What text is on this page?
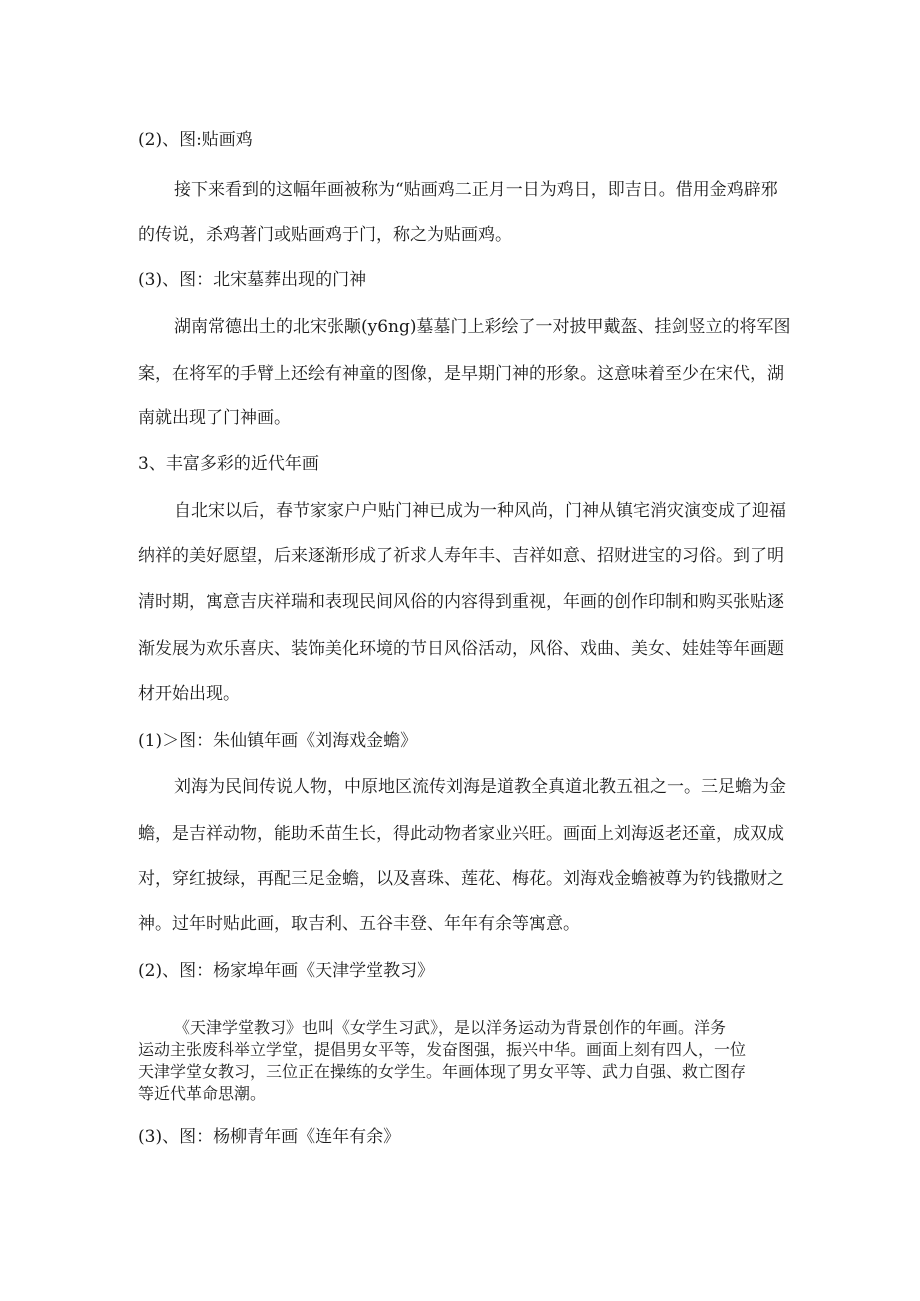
(2)、图:贴画鸡

接下来看到的这幅年画被称为“贴画鸡二正月一日为鸡日，即吉日。借用金鸡辟邪

的传说，杀鸡著门或贴画鸡于门，称之为贴画鸡。

(3)、图：北宋墓葬出现的门神

湖南常德出土的北宋张颙(y6ng)墓墓门上彩绘了一对披甲戴盔、挂剑竖立的将军图

案，在将军的手臂上还绘有神童的图像，是早期门神的形象。这意味着至少在宋代，湖

南就出现了门神画。

3、丰富多彩的近代年画

自北宋以后，春节家家户户贴门神已成为一种风尚，门神从镇宅消灾演变成了迎福

纳祥的美好愿望，后来逐渐形成了祈求人寿年丰、吉祥如意、招财进宝的习俗。到了明

清时期，寓意吉庆祥瑞和表现民间风俗的内容得到重视，年画的创作印制和购买张贴逐

渐发展为欢乐喜庆、装饰美化环境的节日风俗活动，风俗、戏曲、美女、娃娃等年画题

材开始出现。

(1)＞图：朱仙镇年画《刘海戏金蟾》

刘海为民间传说人物，中原地区流传刘海是道教全真道北教五祖之一。三足蟾为金

蟾，是吉祥动物，能助禾苗生长，得此动物者家业兴旺。画面上刘海返老还童，成双成

对，穿红披绿，再配三足金蟾，以及喜珠、莲花、梅花。刘海戏金蟾被尊为钓钱撒财之

神。过年时贴此画，取吉利、五谷丰登、年年有余等寓意。

(2)、图：杨家埠年画《天津学堂教习》

《天津学堂教习》也叫《女学生习武》，是以洋务运动为背景创作的年画。洋务

运动主张废科举立学堂，提倡男女平等，发奋图强，振兴中华。画面上刻有四人，一位

天津学堂女教习，三位正在操练的女学生。年画体现了男女平等、武力自强、救亡图存

等近代革命思潮。

(3)、图：杨柳青年画《连年有余》
